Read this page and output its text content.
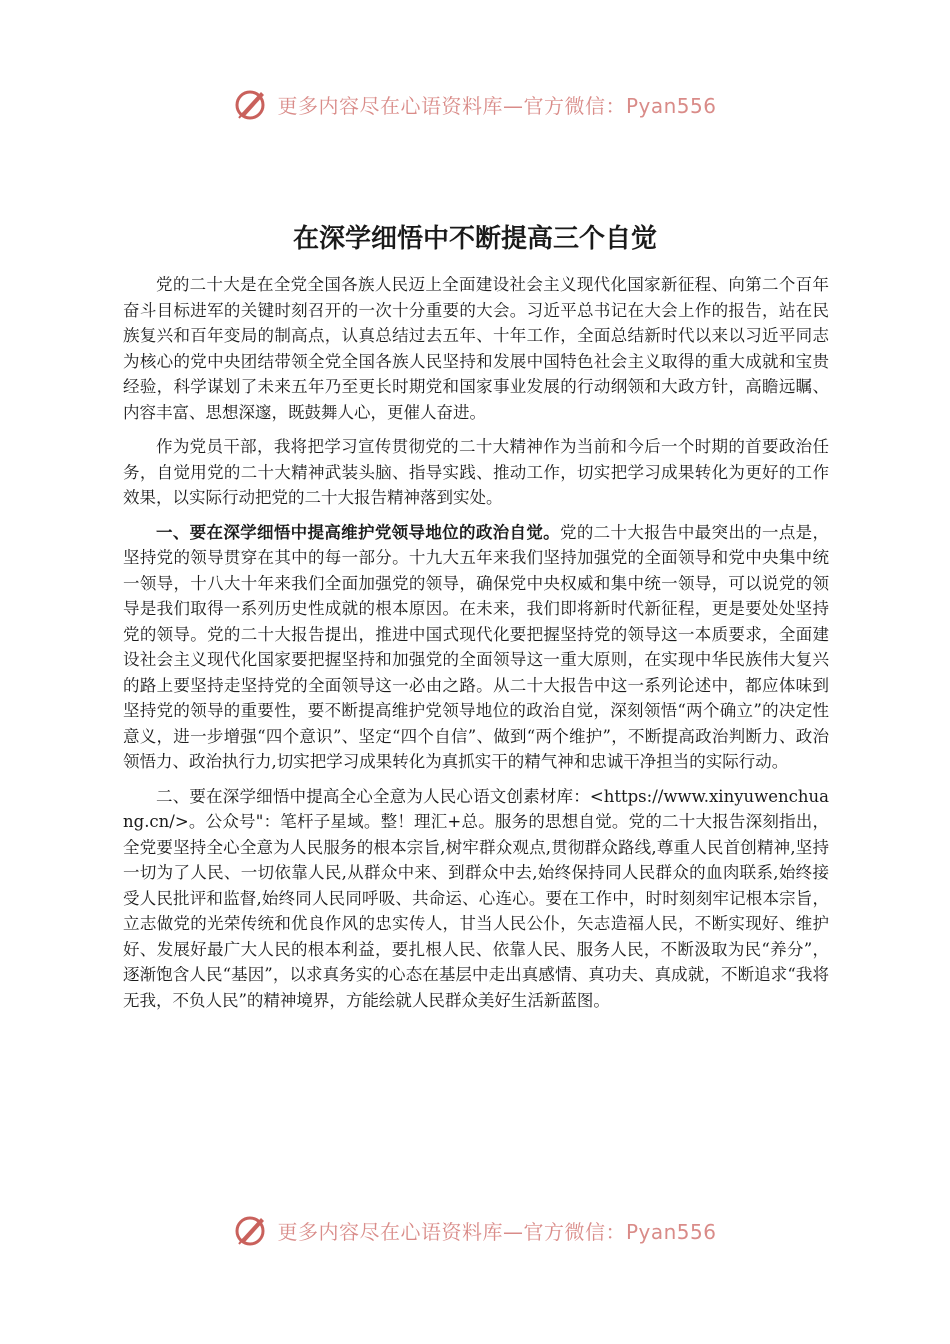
更多内容尽在心语资料库—官方微信：Pyan556
在深学细悟中不断提高三个自觉

党的二十大是在全党全国各族人民迈上全面建设社会主义现代化国家新征程、向第二个百年奋斗目标进军的关键时刻召开的一次十分重要的大会。习近平总书记在大会上作的报告，站在民族复兴和百年变局的制高点，认真总结过去五年、十年工作，全面总结新时代以来以习近平同志为核心的党中央团结带领全党全国各族人民坚持和发展中国特色社会主义取得的重大成就和宝贵经验，科学谋划了未来五年乃至更长时期党和国家事业发展的行动纲领和大政方针，高瞻远瞩、内容丰富、思想深邃，既鼓舞人心，更催人奋进。

作为党员干部，我将把学习宣传贯彻党的二十大精神作为当前和今后一个时期的首要政治任务，自觉用党的二十大精神武装头脑、指导实践、推动工作，切实把学习成果转化为更好的工作效果，以实际行动把党的二十大报告精神落到实处。

一、要在深学细悟中提高维护党领导地位的政治自觉。党的二十大报告中最突出的一点是，坚持党的领导贯穿在其中的每一部分。十九大五年来我们坚持加强党的全面领导和党中央集中统一领导，十八大十年来我们全面加强党的领导，确保党中央权威和集中统一领导，可以说党的领导是我们取得一系列历史性成就的根本原因。在未来，我们即将新时代新征程，更是要处处坚持党的领导。党的二十大报告提出，推进中国式现代化要把握坚持党的领导这一本质要求，全面建设社会主义现代化国家要把握坚持和加强党的全面领导这一重大原则，在实现中华民族伟大复兴的路上要坚持走坚持党的全面领导这一必由之路。从二十大报告中这一系列论述中，都应体味到坚持党的领导的重要性，要不断提高维护党领导地位的政治自觉，深刻领悟“两个确立”的决定性意义，进一步增强“四个意识”、坚定“四个自信”、做到“两个维护”，不断提高政治判断力、政治领悟力、政治执行力,切实把学习成果转化为真抓实干的精气神和忠诚干净担当的实际行动。

二、要在深学细悟中提高全心全意为人民心语文创素材库：<https://www.xinyuwenchuang.cn/>。公众号"：笔杆子星域。整！理汇+总。服务的思想自觉。党的二十大报告深刻指出，全党要坚持全心全意为人民服务的根本宗旨,树牢群众观点,贯彻群众路线,尊重人民首创精神,坚持一切为了人民、一切依靠人民,从群众中来、到群众中去,始终保持同人民群众的血肉联系,始终接受人民批评和监督,始终同人民同呼吸、共命运、心连心。要在工作中，时时刻刻牢记根本宗旨，立志做党的光荣传统和优良作风的忠实传人，甘当人民公仆，矢志造福人民，不断实现好、维护好、发展好最广大人民的根本利益，要扎根人民、依靠人民、服务人民，不断汲取为民“养分”，逐渐饱含人民“基因”，以求真务实的心态在基层中走出真感情、真功夫、真成就，不断追求“我将无我，不负人民”的精神境界，方能绘就人民群众美好生活新蓝图。

更多内容尽在心语资料库—官方微信：Pyan556
